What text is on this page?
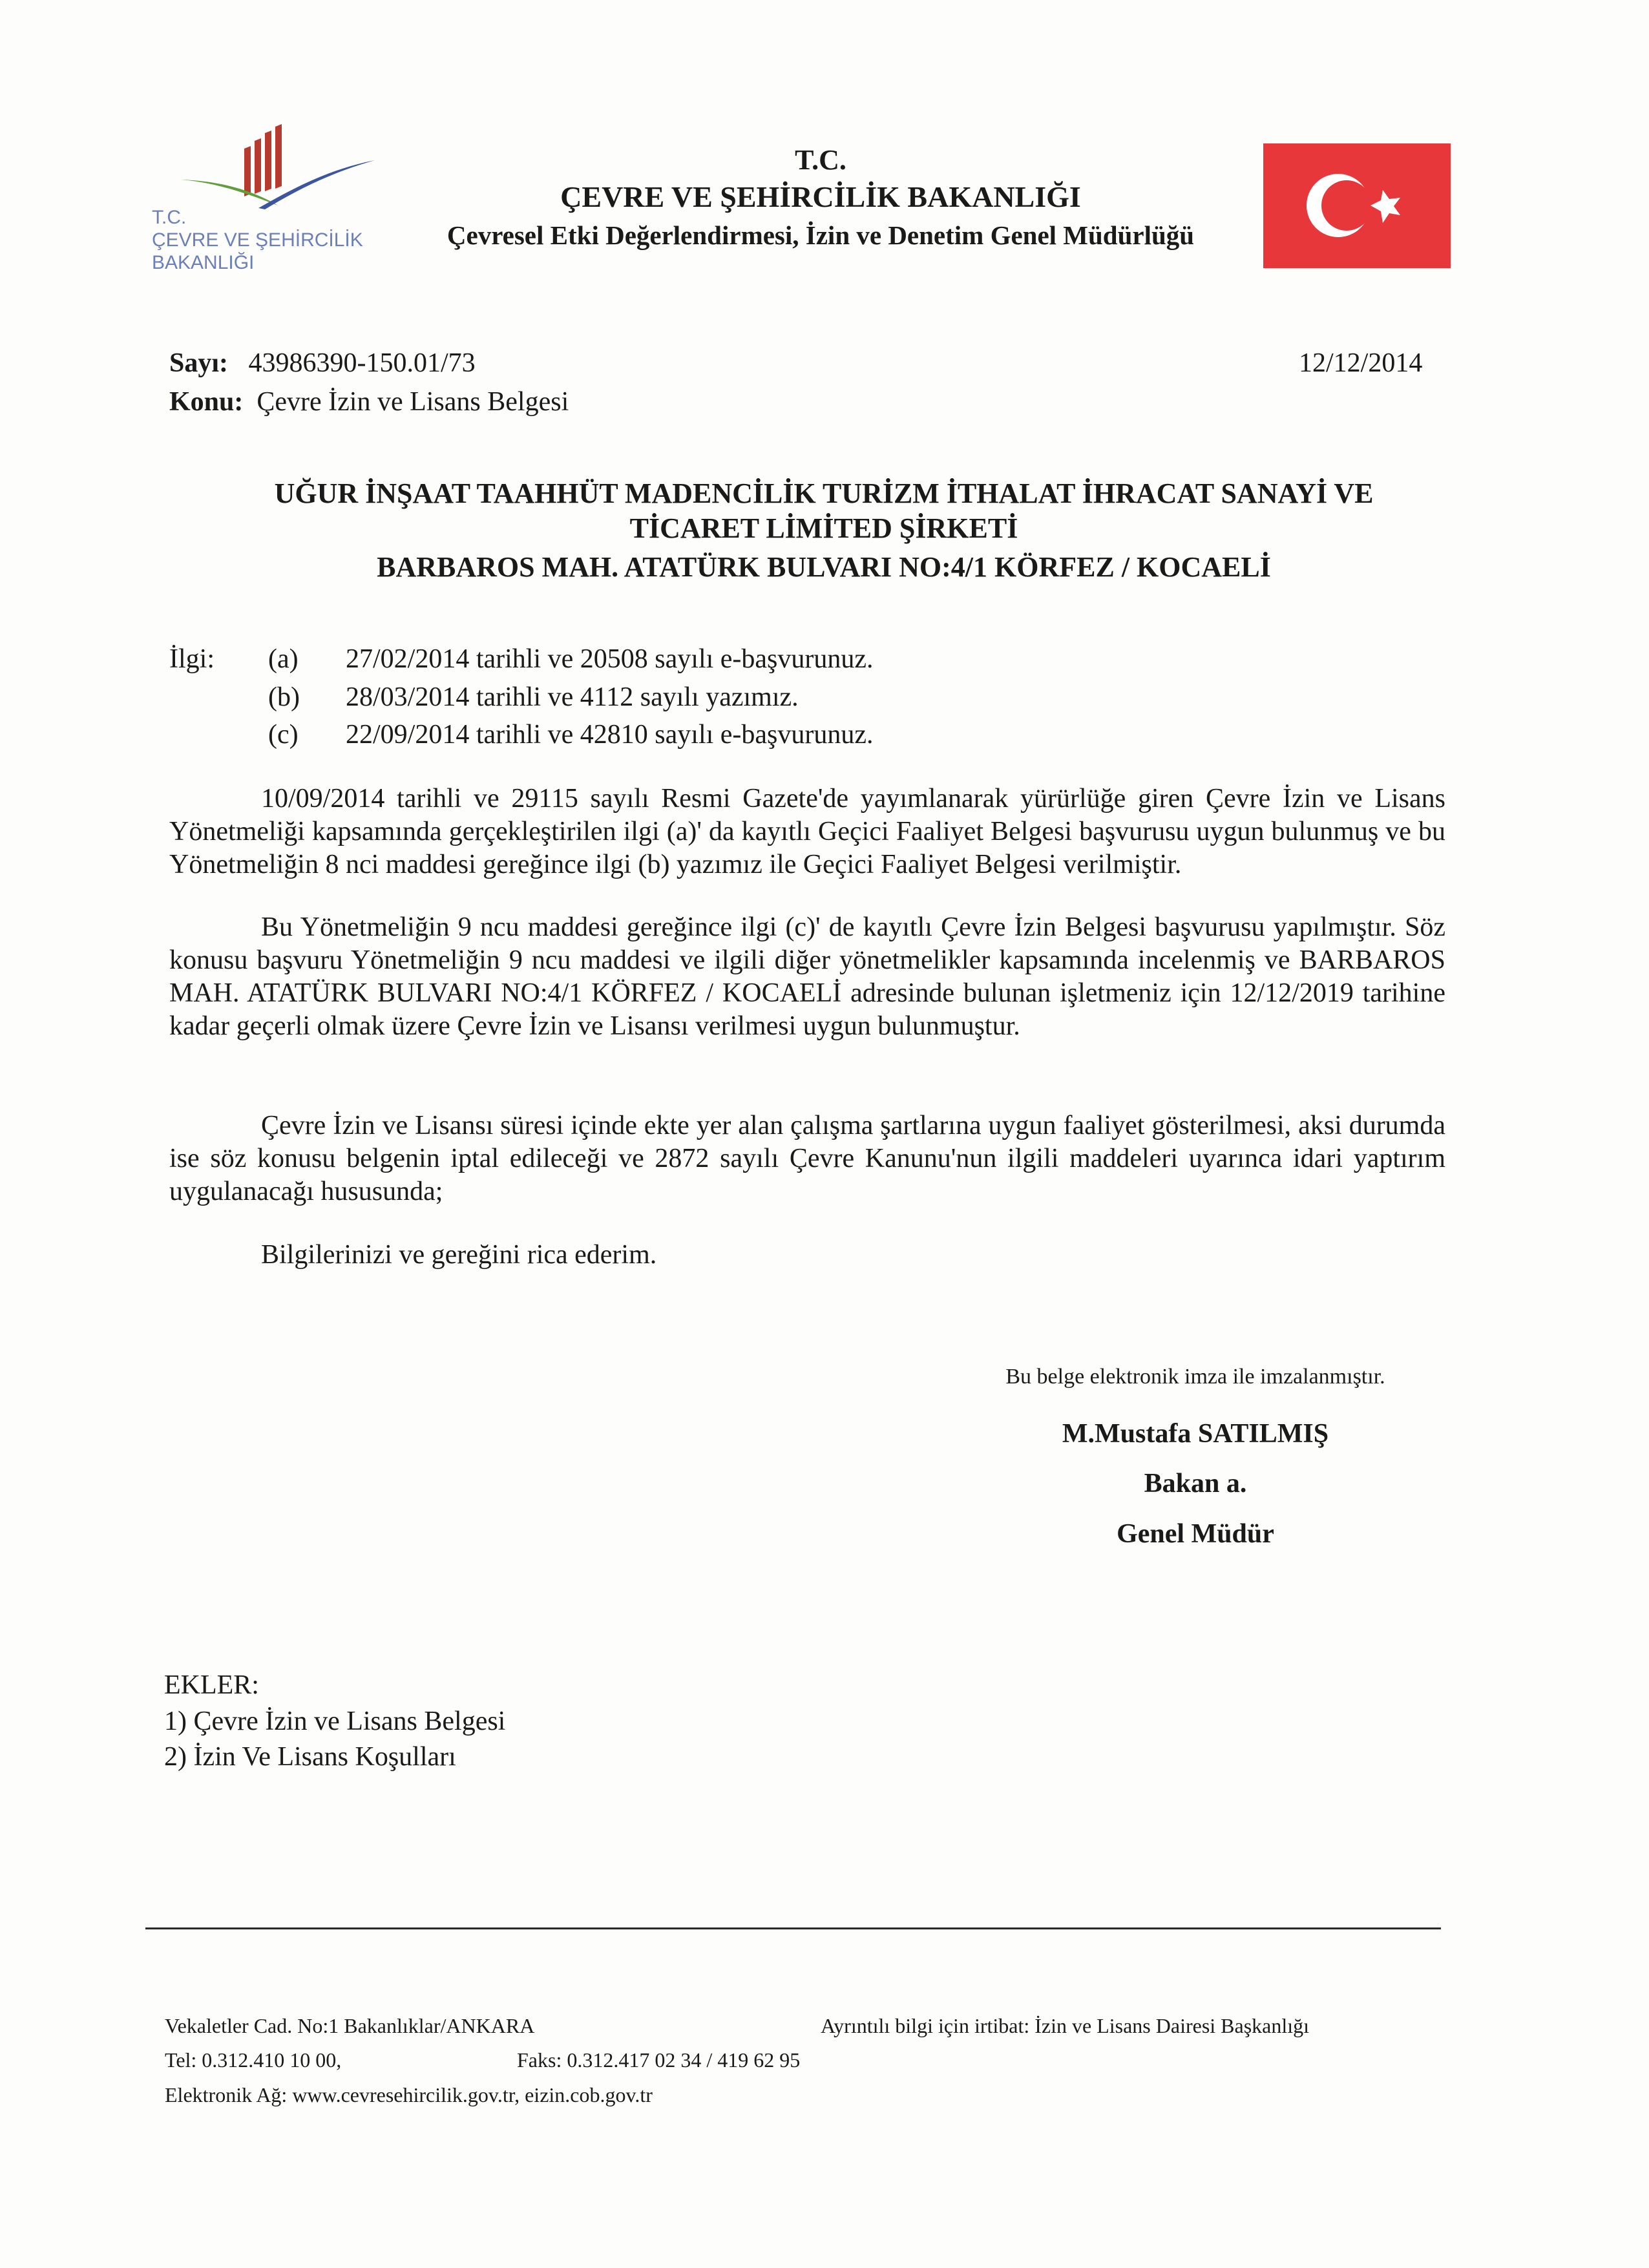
T.C.
ÇEVRE VE ŞEHİRCİLİK
BAKANLIĞI
T.C.
ÇEVRE VE ŞEHİRCİLİK BAKANLIĞI
Çevresel Etki Değerlendirmesi, İzin ve Denetim Genel Müdürlüğü
Sayı: 43986390-150.01/73
Konu: Çevre İzin ve Lisans Belgesi
12/12/2014
UĞUR İNŞAAT TAAHHÜT MADENCİLİK TURİZM İTHALAT İHRACAT SANAYİ VE
TİCARET LİMİTED ŞİRKETİ
BARBAROS MAH. ATATÜRK BULVARI NO:4/1 KÖRFEZ / KOCAELİ
İlgi: (a) 27/02/2014 tarihli ve 20508 sayılı e-başvurunuz.
(b) 28/03/2014 tarihli ve 4112 sayılı yazımız.
(c) 22/09/2014 tarihli ve 42810 sayılı e-başvurunuz.
10/09/2014 tarihli ve 29115 sayılı Resmi Gazete'de yayımlanarak yürürlüğe giren Çevre İzin ve Lisans Yönetmeliği kapsamında gerçekleştirilen ilgi (a)' da kayıtlı Geçici Faaliyet Belgesi başvurusu uygun bulunmuş ve bu Yönetmeliğin 8 nci maddesi gereğince ilgi (b) yazımız ile Geçici Faaliyet Belgesi verilmiştir.
Bu Yönetmeliğin 9 ncu maddesi gereğince ilgi (c)' de kayıtlı Çevre İzin Belgesi başvurusu yapılmıştır. Söz konusu başvuru Yönetmeliğin 9 ncu maddesi ve ilgili diğer yönetmelikler kapsamında incelenmiş ve BARBAROS MAH. ATATÜRK BULVARI NO:4/1 KÖRFEZ / KOCAELİ adresinde bulunan işletmeniz için 12/12/2019 tarihine kadar geçerli olmak üzere Çevre İzin ve Lisansı verilmesi uygun bulunmuştur.
Çevre İzin ve Lisansı süresi içinde ekte yer alan çalışma şartlarına uygun faaliyet gösterilmesi, aksi durumda ise söz konusu belgenin iptal edileceği ve 2872 sayılı Çevre Kanunu'nun ilgili maddeleri uyarınca idari yaptırım uygulanacağı hususunda;
Bilgilerinizi ve gereğini rica ederim.
Bu belge elektronik imza ile imzalanmıştır.
M.Mustafa SATILMIŞ
Bakan a.
Genel Müdür
EKLER:
1) Çevre İzin ve Lisans Belgesi
2) İzin Ve Lisans Koşulları
Vekaletler Cad. No:1 Bakanlıklar/ANKARA
Tel: 0.312.410 10 00,	Faks: 0.312.417 02 34 / 419 62 95
Elektronik Ağ: www.cevresehircilik.gov.tr, eizin.cob.gov.tr
Ayrıntılı bilgi için irtibat: İzin ve Lisans Dairesi Başkanlığı
